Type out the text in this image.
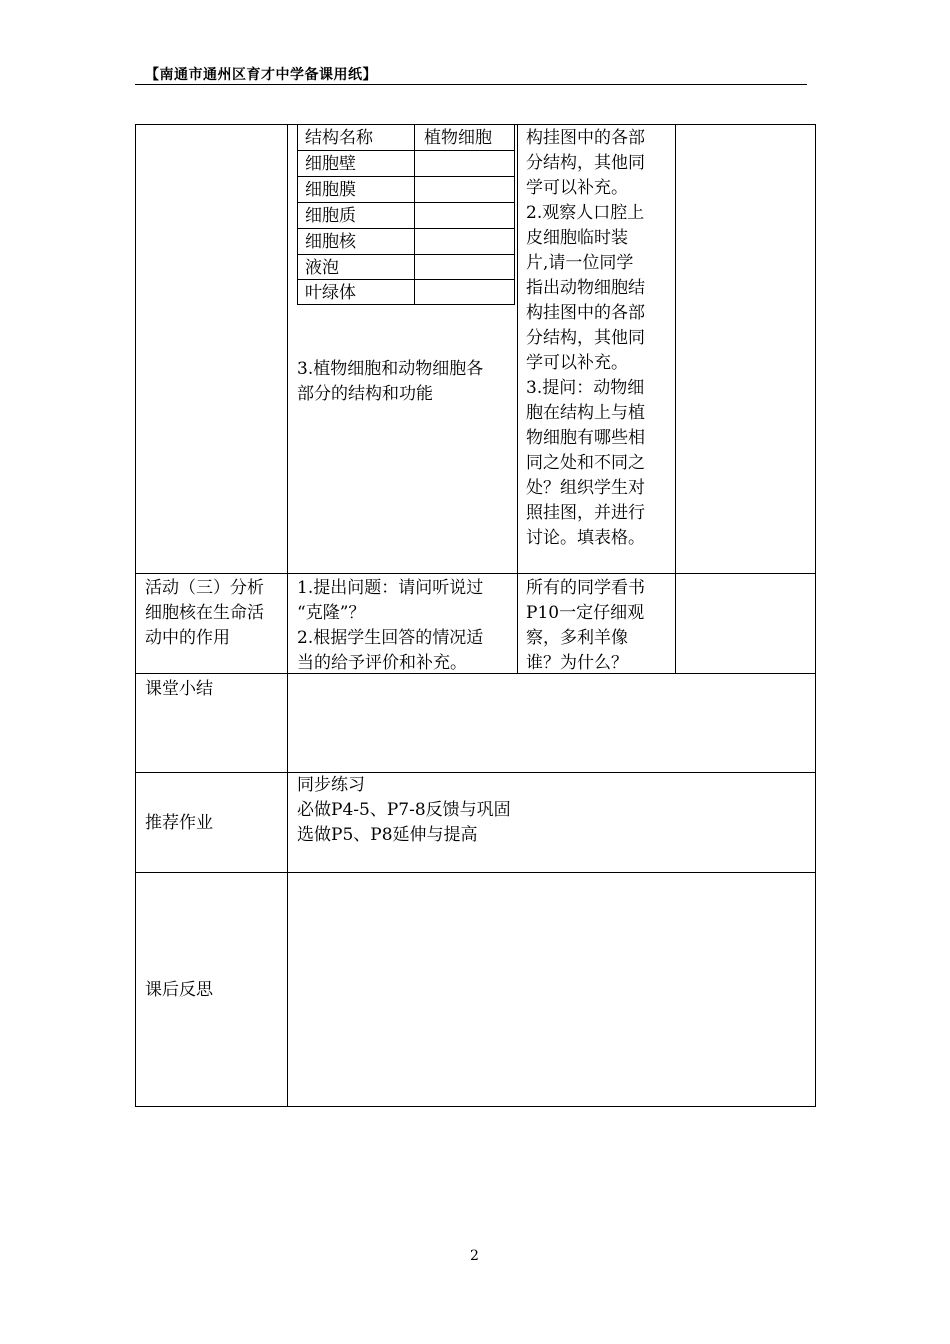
【南通市通州区育才中学备课用纸】
结构名称	植物细胞
细胞壁
细胞膜
细胞质
细胞核
液泡
叶绿体
3.植物细胞和动物细胞各
部分的结构和功能
构挂图中的各部
分结构，其他同
学可以补充。
2.观察人口腔上
皮细胞临时装
片,请一位同学
指出动物细胞结
构挂图中的各部
分结构，其他同
学可以补充。
3.提问：动物细
胞在结构上与植
物细胞有哪些相
同之处和不同之
处？组织学生对
照挂图，并进行
讨论。填表格。
活动（三）分析
细胞核在生命活
动中的作用
1.提出问题：请问听说过
“克隆”？
2.根据学生回答的情况适
当的给予评价和补充。
所有的同学看书
P10一定仔细观
察，多利羊像
谁？为什么？
课堂小结
推荐作业
同步练习
必做P4-5、P7-8反馈与巩固
选做P5、P8延伸与提高
课后反思
2
